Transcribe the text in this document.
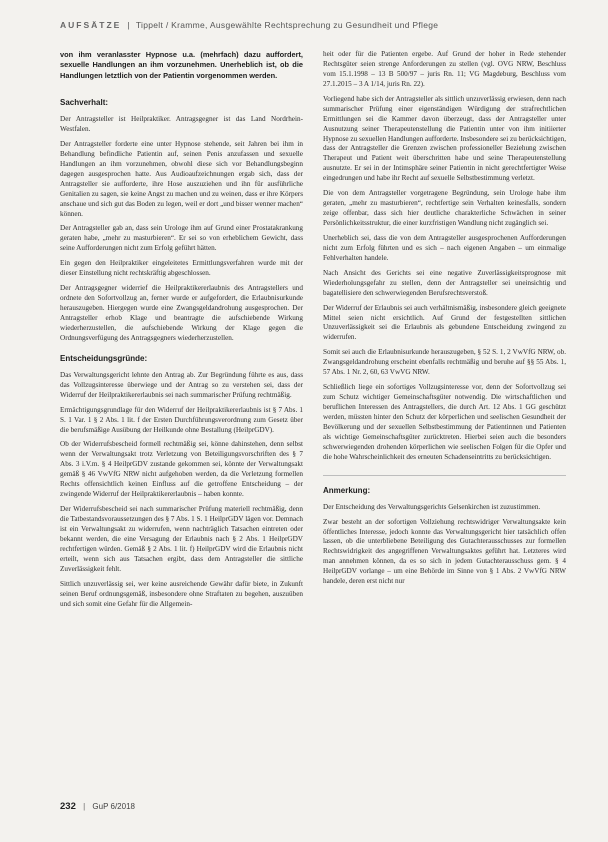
AUFSÄTZE | Tippelt / Kramme, Ausgewählte Rechtsprechung zu Gesundheit und Pflege

von ihm veranlasster Hypnose u.a. (mehrfach) dazu auffordert, sexuelle Handlungen an ihm vorzunehmen. Unerheblich ist, ob die Handlungen letztlich von der Patientin vorgenommen werden.

Sachverhalt:

Der Antragsteller ist Heilpraktiker. Antragsgegner ist das Land Nordrhein-Westfalen.

Der Antragsteller forderte eine unter Hypnose stehende, seit Jahren bei ihm in Behandlung befindliche Patientin auf, seinen Penis anzufassen und sexuelle Handlungen an ihm vorzunehmen, obwohl diese sich vor Behandlungsbeginn dagegen ausgesprochen hatte. Aus Audioaufzeichnungen ergab sich, dass der Antragsteller sie aufforderte, ihre Hose auszuziehen und ihn für ausführliche Genitalien zu sagen, sie keine Angst zu machen und zu weinen, dass er ihre Körpers anschaue und sich gut das Boden zu legen, weil er dort „und bisser wenner machen“ können.

Der Antragsteller gab an, dass sein Urologe ihm auf Grund einer Prostatakrankung geraten habe, „mehr zu masturbieren“. Er sei so von erheblichem Gewicht, dass seine Aufforderungen nicht zum Erfolg geführt hätten.

Ein gegen den Heilpraktiker eingeleitetes Ermittlungsverfahren wurde mit der dieser Einstellung nicht rechtskräftig abgeschlossen.

Der Antragsgegner widerrief die Heilpraktikererlaubnis des Antragstellers und ordnete den Sofortvollzug an, ferner wurde er aufgefordert, die Erlaubnisurkunde herauszugeben. Hiergegen wurde eine Zwangsgeldandrohung ausgesprochen. Der Antragsteller erhob Klage und beantragte die aufschiebende Wirkung wiederherzustellen, die aufschiebende Wirkung der Klage gegen die Ordnungsverfügung des Antragsgegners wiederherzustellen.

Entscheidungsgründe:

Das Verwaltungsgericht lehnte den Antrag ab. Zur Begründung führte es aus, dass das Vollzugsinteresse überwiege und der Antrag so zu verstehen sei, dass der Widerruf der Heilpraktikererlaubnis sei nach summarischer Prüfung rechtmäßig.

Ermächtigungsgrundlage für den Widerruf der Heilpraktikererlaubnis ist § 7 Abs. 1 S. 1 Var. 1 § 2 Abs. 1 lit. f der Ersten Durchführungsverordnung zum Gesetz über die berufsmäßige Ausübung der Heilkunde ohne Bestallung (HeilprGDV).

Ob der Widerrufsbescheid formell rechtmäßig sei, könne dahinstehen, denn selbst wenn der Verwaltungsakt trotz Verletzung von Beteiligungsvorschriften des § 7 Abs. 3 i.V.m. § 4 HeilprGDV zustande gekommen sei, könnte der Verwaltungsakt gemäß § 46 VwVfG NRW nicht aufgehoben werden, da die Verletzung formellen Rechts offensichtlich keinen Einfluss auf die getroffene Entscheidung – der zwingende Widerruf der Heilpraktikererlaubnis – haben konnte.

Der Widerrufsbescheid sei nach summarischer Prüfung materiell rechtmäßig, denn die Tatbestandsvoraussetzungen des § 7 Abs. 1 S. 1 HeilprGDV lägen vor. Demnach ist ein Verwaltungsakt zu widerrufen, wenn nachträglich Tatsachen eintreten oder bekannt werden, die eine Versagung der Erlaubnis nach § 2 Abs. 1 HeilprGDV rechtfertigen würden. Gemäß § 2 Abs. 1 lit. f) HeilprGDV wird die Erlaubnis nicht erteilt, wenn sich aus Tatsachen ergibt, dass dem Antragsteller die sittliche Zuverlässigkeit fehlt.

Sittlich unzuverlässig sei, wer keine ausreichende Gewähr dafür biete, in Zukunft seinen Beruf ordnungsgemäß, insbesondere ohne Straftaten zu begehen, auszuüben und sich somit eine Gefahr für die Allgemein-

heit oder für die Patienten ergebe. Auf Grund der hoher in Rede stehender Rechtsgüter seien strenge Anforderungen zu stellen (vgl. OVG NRW, Beschluss vom 15.1.1998 – 13 B 500/97 – juris Rn. 11; VG Magdeburg, Beschluss vom 27.1.2015 – 3 A 1/14, juris Rn. 22).

Vorliegend habe sich der Antragsteller als sittlich unzuverlässig erwiesen, denn nach summarischer Prüfung einer eigenständigen Würdigung der strafrechtlichen Ermittlungen sei die Kammer davon überzeugt, dass der Antragsteller unter Ausnutzung seiner Therapeutenstellung die Patientin unter von ihm initiierter Hypnose zu sexuellen Handlungen aufforderte. Insbesondere sei zu berücksichtigen, dass der Antragsteller die Grenzen zwischen professioneller Beziehung zwischen Therapeut und Patient weit überschritten habe und seine Therapeutenstellung ausnutzte. Er sei in der Intimsphäre seiner Patientin in nicht gerechtfertigter Weise eingedrungen und habe ihr Recht auf sexuelle Selbstbestimmung verletzt.

Die von dem Antragsteller vorgetragene Begründung, sein Urologe habe ihm geraten, „mehr zu masturbieren“, rechtfertige sein Verhalten keinesfalls, sondern zeige offenbar, dass sich hier deutliche charakterliche Schwächen in seiner Persönlichkeitsstruktur, die einer kurzfristigen Wandlung nicht zugänglich sei.

Unerheblich sei, dass die von dem Antragsteller ausgesprochenen Aufforderungen nicht zum Erfolg führten und es sich – nach eigenen Angaben – um einmalige Fehlverhalten handele.

Nach Ansicht des Gerichts sei eine negative Zuverlässigkeitsprognose mit Wiederholungsgefahr zu stellen, denn der Antragsteller sei uneinsichtig und bagatellisiere den schwerwiegenden Berufsrechtsverstoß.

Der Widerruf der Erlaubnis sei auch verhältnismäßig, insbesondere gleich geeignete Mittel seien nicht ersichtlich. Auf Grund der festgestellten sittlichen Unzuverlässigkeit sei die Erlaubnis als gebundene Entscheidung zwingend zu widerrufen.

Somit sei auch die Erlaubnisurkunde herauszugeben, § 52 S. 1, 2 VwVfG NRW, ob. Zwangsgeldandrohung erscheint ebenfalls rechtmäßig und beruhe auf §§ 55 Abs. 1, 57 Abs. 1 Nr. 2, 60, 63 VwVG NRW.

Schließlich liege ein sofortiges Vollzugsinteresse vor, denn der Sofortvollzug sei zum Schutz wichtiger Gemeinschaftsgüter notwendig. Die wirtschaftlichen und beruflichen Interessen des Antragstellers, die durch Art. 12 Abs. 1 GG geschützt werden, müssten hinter den Schutz der körperlichen und seelischen Gesundheit der Bevölkerung und der sexuellen Selbstbestimmung der Patientinnen und Patienten als wichtige Gemeinschaftsgüter zurücktreten. Hierbei seien auch die besonders schwerwiegenden drohenden körperlichen wie seelischen Folgen für die Opfer und die hohe Wahrscheinlichkeit des erneuten Schadenseintritts zu berücksichtigen.

Anmerkung:

Der Entscheidung des Verwaltungsgerichts Gelsenkirchen ist zuzustimmen.

Zwar besteht an der sofortigen Vollziehung rechtswidriger Verwaltungsakte kein öffentliches Interesse, jedoch konnte das Verwaltungsgericht hier tatsächlich offen lassen, ob die unterbliebene Beteiligung des Gutachterausschusses zur formellen Rechtswidrigkeit des angegriffenen Verwaltungsaktes geführt hat. Letzteres wird man annehmen können, da es so sich in jedem Gutachterausschuss gem. § 4 HeilprGDV vorlange – um eine Behörde im Sinne von § 1 Abs. 2 VwVfG NRW handele, deren erst nicht nur

232 | GuP 6/2018
